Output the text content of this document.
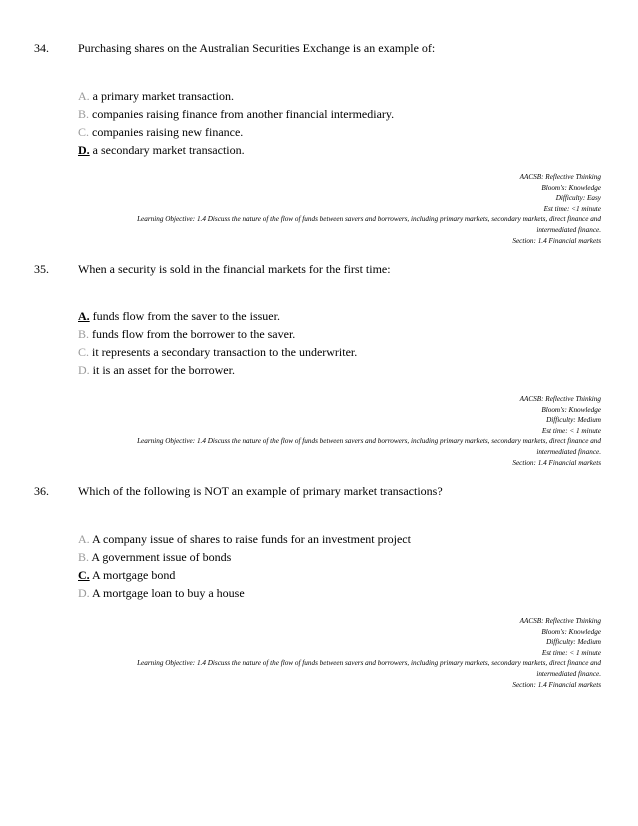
34. Purchasing shares on the Australian Securities Exchange is an example of:
A. a primary market transaction.
B. companies raising finance from another financial intermediary.
C. companies raising new finance.
D. a secondary market transaction.
AACSB: Reflective Thinking
Bloom's: Knowledge
Difficulty: Easy
Est time: <1 minute
Learning Objective: 1.4 Discuss the nature of the flow of funds between savers and borrowers, including primary markets, secondary markets, direct finance and
intermediated finance.
Section: 1.4 Financial markets
35. When a security is sold in the financial markets for the first time:
A. funds flow from the saver to the issuer.
B. funds flow from the borrower to the saver.
C. it represents a secondary transaction to the underwriter.
D. it is an asset for the borrower.
AACSB: Reflective Thinking
Bloom's: Knowledge
Difficulty: Medium
Est time: < 1 minute
Learning Objective: 1.4 Discuss the nature of the flow of funds between savers and borrowers, including primary markets, secondary markets, direct finance and
intermediated finance.
Section: 1.4 Financial markets
36. Which of the following is NOT an example of primary market transactions?
A. A company issue of shares to raise funds for an investment project
B. A government issue of bonds
C. A mortgage bond
D. A mortgage loan to buy a house
AACSB: Reflective Thinking
Bloom's: Knowledge
Difficulty: Medium
Est time: < 1 minute
Learning Objective: 1.4 Discuss the nature of the flow of funds between savers and borrowers, including primary markets, secondary markets, direct finance and
intermediated finance.
Section: 1.4 Financial markets
